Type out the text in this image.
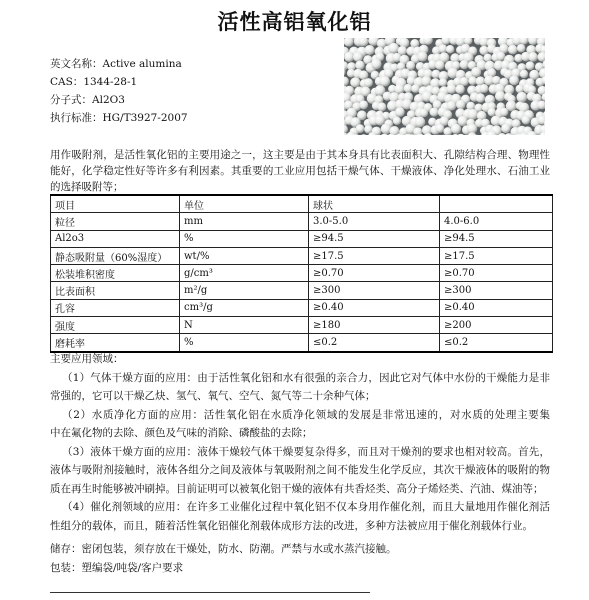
活性高铝氧化铝
英文名称：Active alumina
CAS：1344-28-1
分子式：Al2O3
执行标准：HG/T3927-2007
用作吸附剂，是活性氧化铝的主要用途之一，这主要是由于其本身具有比表面积大、孔隙结构合理、物理性能好，化学稳定性好等许多有利因素。其重要的工业应用包括干燥气体、干燥液体、净化处理水、石油工业的选择吸附等；
项目	单位	球状	
粒径	mm	3.0-5.0	4.0-6.0
Al2o3	%	≥94.5	≥94.5
静态吸附量（60%湿度）	wt/%	≥17.5	≥17.5
松装堆积密度	g/cm³	≥0.70	≥0.70
比表面积	m²/g	≥300	≥300
孔容	cm³/g	≥0.40	≥0.40
强度	N	≥180	≥200
磨耗率	%	≤0.2	≤0.2

主要应用领域：

（1）气体干燥方面的应用：由于活性氧化铝和水有很强的亲合力，因此它对气体中水份的干燥能力是非常强的，它可以干燥乙炔、氢气、氧气、空气、氮气等二十余种气体；

（2）水质净化方面的应用：活性氧化铝在水质净化领域的发展是非常迅速的，对水质的处理主要集　　中在氟化物的去除、颜色及气味的消除、磷酸盐的去除；

（3）液体干燥方面的应用：液体干燥较气体干燥要复杂得多，而且对干燥剂的要求也相对较高。首先，液体与吸附剂接触时，液体各组分之间及液体与氧吸附剂之间不能发生化学反应，其次干燥液体的吸附的物质在再生时能够被冲刷掉。目前证明可以被氧化铝干燥的液体有共香烃类、高分子烯烃类、汽油、煤油等；

（4）催化剂领域的应用：在许多工业催化过程中氧化铝不仅本身用作催化剂，而且大量地用作催化剂活性组分的载体，而且，随着活性氧化铝催化剂载体成形方法的改进，多种方法被应用于催化剂载体行业。

储存：密闭包装，须存放在干燥处，防水、防潮。严禁与水或水蒸汽接触。
包装：塑编袋/吨袋/客户要求
